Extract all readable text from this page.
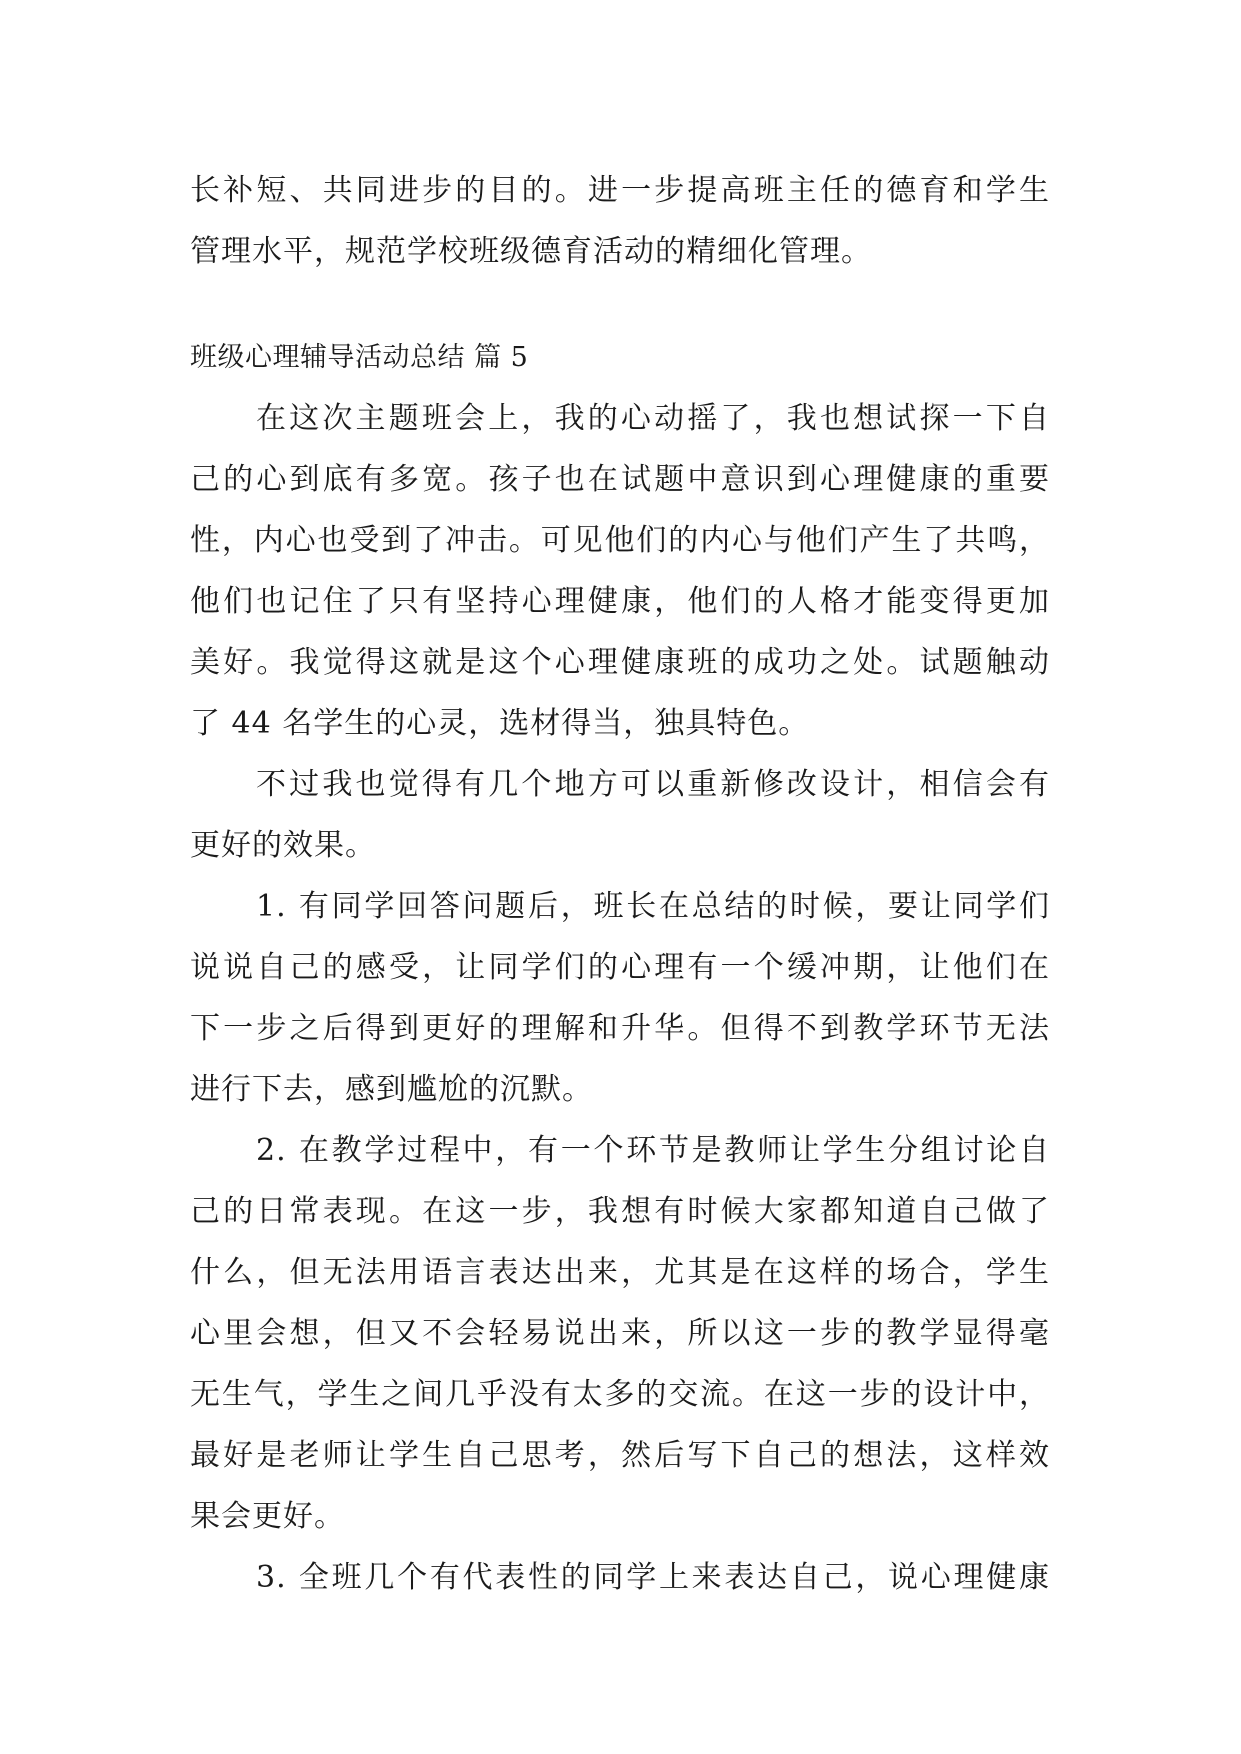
长补短、共同进步的目的。进一步提高班主任的德育和学生
管理水平，规范学校班级德育活动的精细化管理。
班级心理辅导活动总结 篇 5
在这次主题班会上，我的心动摇了，我也想试探一下自
己的心到底有多宽。孩子也在试题中意识到心理健康的重要
性，内心也受到了冲击。可见他们的内心与他们产生了共鸣，
他们也记住了只有坚持心理健康，他们的人格才能变得更加
美好。我觉得这就是这个心理健康班的成功之处。试题触动
了 44 名学生的心灵，选材得当，独具特色。
不过我也觉得有几个地方可以重新修改设计，相信会有
更好的效果。
1. 有同学回答问题后，班长在总结的时候，要让同学们
说说自己的感受，让同学们的心理有一个缓冲期，让他们在
下一步之后得到更好的理解和升华。但得不到教学环节无法
进行下去，感到尴尬的沉默。
2. 在教学过程中，有一个环节是教师让学生分组讨论自
己的日常表现。在这一步，我想有时候大家都知道自己做了
什么，但无法用语言表达出来，尤其是在这样的场合，学生
心里会想，但又不会轻易说出来，所以这一步的教学显得毫
无生气，学生之间几乎没有太多的交流。在这一步的设计中，
最好是老师让学生自己思考，然后写下自己的想法，这样效
果会更好。
3. 全班几个有代表性的同学上来表达自己，说心理健康
